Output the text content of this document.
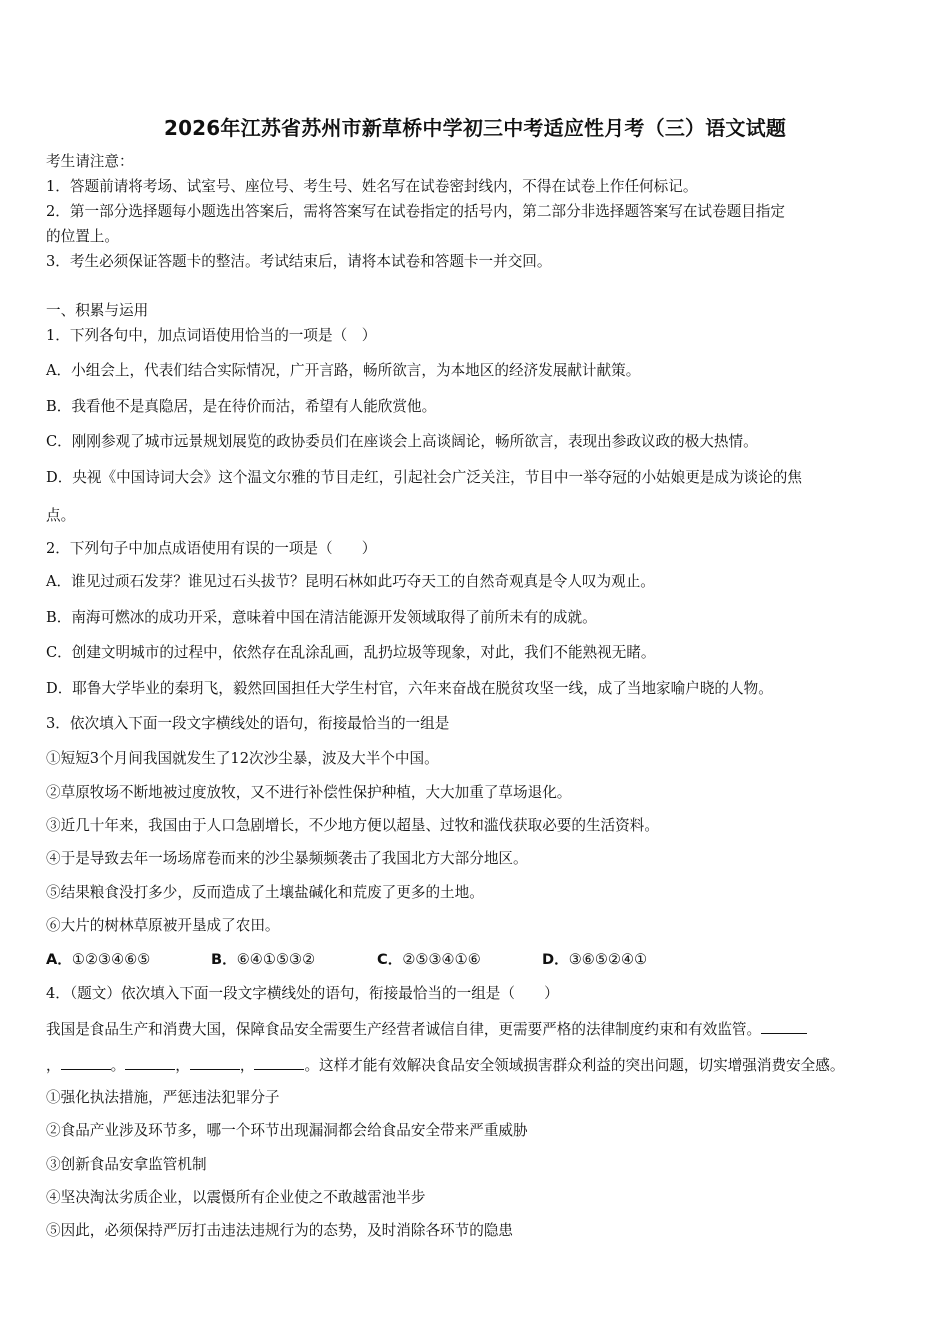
2026年江苏省苏州市新草桥中学初三中考适应性月考（三）语文试题
考生请注意：
1．答题前请将考场、试室号、座位号、考生号、姓名写在试卷密封线内，不得在试卷上作任何标记。
2．第一部分选择题每小题选出答案后，需将答案写在试卷指定的括号内，第二部分非选择题答案写在试卷题目指定
的位置上。
3．考生必须保证答题卡的整洁。考试结束后，请将本试卷和答题卡一并交回。
一、积累与运用
1．下列各句中，加点词语使用恰当的一项是（　）
A．小组会上，代表们结合实际情况，广开言路，畅所欲言，为本地区的经济发展献计献策。
B．我看他不是真隐居，是在待价而沽，希望有人能欣赏他。
C．刚刚参观了城市远景规划展览的政协委员们在座谈会上高谈阔论，畅所欲言，表现出参政议政的极大热情。
D．央视《中国诗词大会》这个温文尔雅的节目走红，引起社会广泛关注，节目中一举夺冠的小姑娘更是成为谈论的焦
点。
2．下列句子中加点成语使用有误的一项是（　　）
A．谁见过顽石发芽？谁见过石头拔节？昆明石林如此巧夺天工的自然奇观真是令人叹为观止。
B．南海可燃冰的成功开采，意味着中国在清洁能源开发领域取得了前所未有的成就。
C．创建文明城市的过程中，依然存在乱涂乱画，乱扔垃圾等现象，对此，我们不能熟视无睹。
D．耶鲁大学毕业的秦玥飞，毅然回国担任大学生村官，六年来奋战在脱贫攻坚一线，成了当地家喻户晓的人物。
3．依次填入下面一段文字横线处的语句，衔接最恰当的一组是
①短短3个月间我国就发生了12次沙尘暴，波及大半个中国。
②草原牧场不断地被过度放牧，又不进行补偿性保护种植，大大加重了草场退化。
③近几十年来，我国由于人口急剧增长，不少地方便以超垦、过牧和滥伐获取必要的生活资料。
④于是导致去年一场场席卷而来的沙尘暴频频袭击了我国北方大部分地区。
⑤结果粮食没打多少，反而造成了土壤盐碱化和荒废了更多的土地。
⑥大片的树林草原被开垦成了农田。
A．①②③④⑥⑤	B．⑥④①⑤③②	C．②⑤③④①⑥	D．③⑥⑤②④①
4．（题文）依次填入下面一段文字横线处的语句，衔接最恰当的一组是（　　）
我国是食品生产和消费大国，保障食品安全需要生产经营者诚信自律，更需要严格的法律制度约束和有效监管。
，	。	，	，	。这样才能有效解决食品安全领域损害群众利益的突出问题，切实增强消费安全感。
①强化执法措施，严惩违法犯罪分子
②食品产业涉及环节多，哪一个环节出现漏洞都会给食品安全带来严重威胁
③创新食品安拿监管机制
④坚决淘汰劣质企业，以震慑所有企业使之不敢越雷池半步
⑤因此，必须保持严厉打击违法违规行为的态势，及时消除各环节的隐患
